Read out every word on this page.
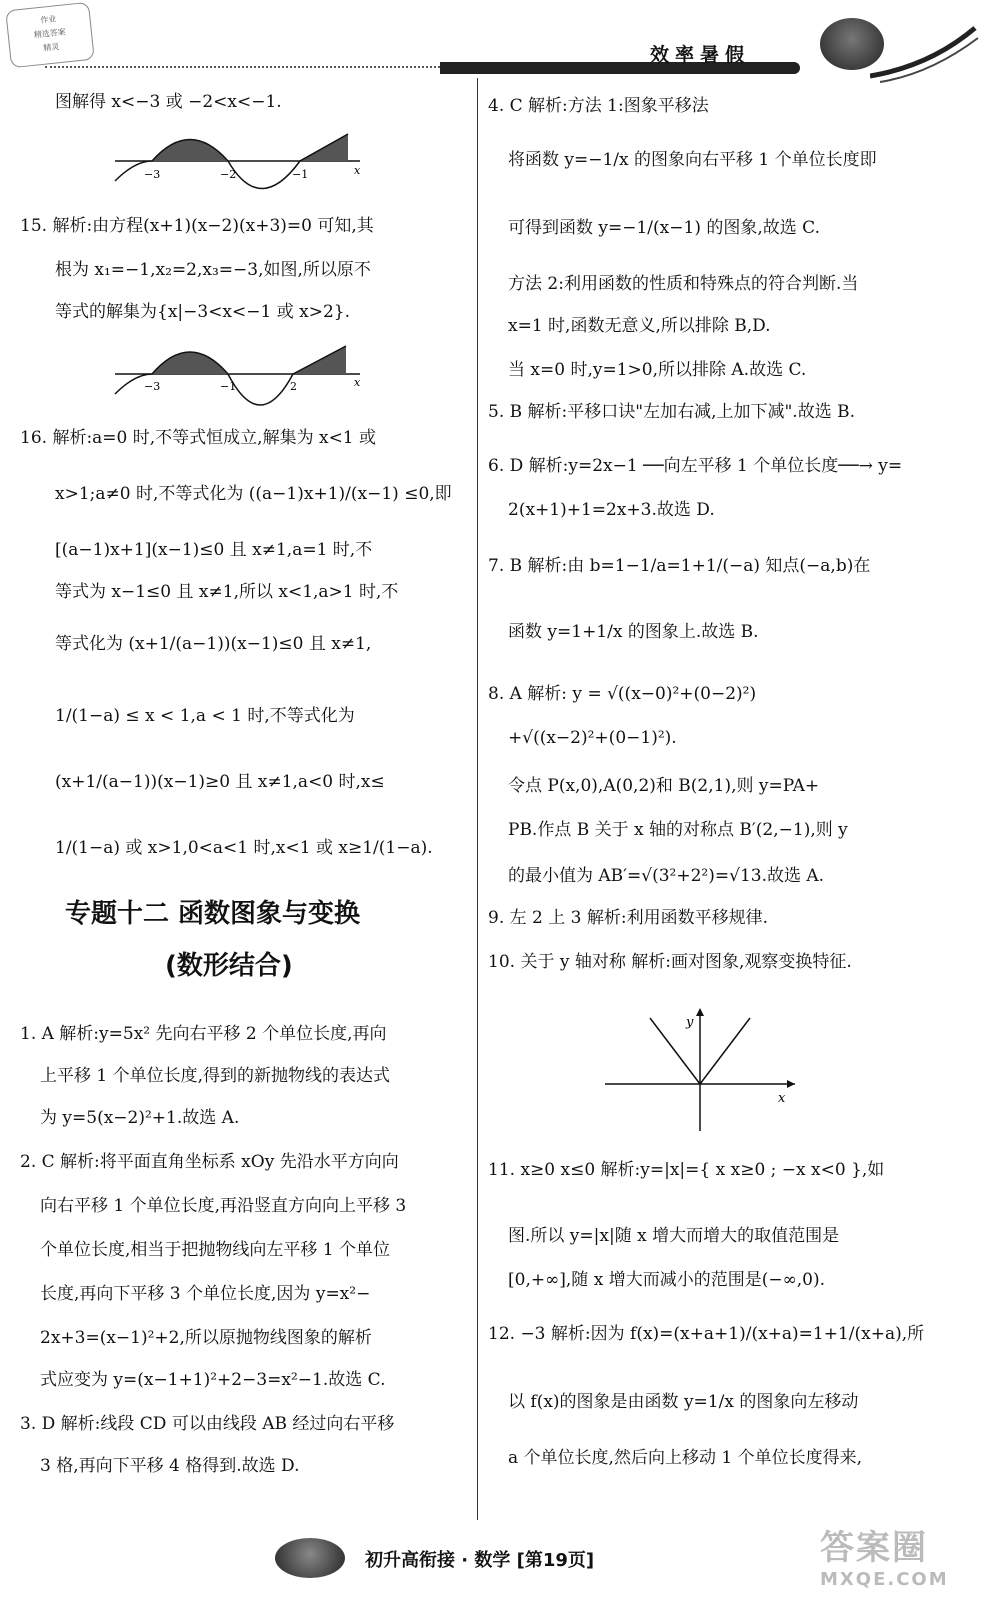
作业
精选答案
精灵	效率暑假
图解得 x<−3 或 −2<x<−1.
−3	−2	−1	x
15. 解析:由方程(x+1)(x−2)(x+3)=0 可知,其
根为 x₁=−1,x₂=2,x₃=−3,如图,所以原不
等式的解集为{x|−3<x<−1 或 x>2}.
−3	−1	2	x
16. 解析:a=0 时,不等式恒成立,解集为 x<1 或
x>1;a≠0 时,不等式化为 ((a−1)x+1)/(x−1) ≤0,即
[(a−1)x+1](x−1)≤0 且 x≠1,a=1 时,不
等式为 x−1≤0 且 x≠1,所以 x<1,a>1 时,不
等式化为 (x+1/(a−1))(x−1)≤0 且 x≠1,
1/(1−a) ≤ x < 1,a < 1 时,不等式化为
(x+1/(a−1))(x−1)≥0 且 x≠1,a<0 时,x≤
1/(1−a) 或 x>1,0<a<1 时,x<1 或 x≥1/(1−a).
专题十二 函数图象与变换
(数形结合)
1. A 解析:y=5x² 先向右平移 2 个单位长度,再向
上平移 1 个单位长度,得到的新抛物线的表达式
为 y=5(x−2)²+1.故选 A.
2. C 解析:将平面直角坐标系 xOy 先沿水平方向向
向右平移 1 个单位长度,再沿竖直方向向上平移 3
个单位长度,相当于把抛物线向左平移 1 个单位
长度,再向下平移 3 个单位长度,因为 y=x²−
2x+3=(x−1)²+2,所以原抛物线图象的解析
式应变为 y=(x−1+1)²+2−3=x²−1.故选 C.
3. D 解析:线段 CD 可以由线段 AB 经过向右平移
3 格,再向下平移 4 格得到.故选 D.
4. C 解析:方法 1:图象平移法
将函数 y=−1/x 的图象向右平移 1 个单位长度即
可得到函数 y=−1/(x−1) 的图象,故选 C.
方法 2:利用函数的性质和特殊点的符合判断.当
x=1 时,函数无意义,所以排除 B,D.
当 x=0 时,y=1>0,所以排除 A.故选 C.
5. B 解析:平移口诀"左加右减,上加下减".故选 B.
6. D 解析:y=2x−1 ──向左平移 1 个单位长度──→ y=
2(x+1)+1=2x+3.故选 D.
7. B 解析:由 b=1−1/a=1+1/(−a) 知点(−a,b)在
函数 y=1+1/x 的图象上.故选 B.
8. A 解析: y = √((x−0)²+(0−2)²)
+√((x−2)²+(0−1)²).
令点 P(x,0),A(0,2)和 B(2,1),则 y=PA+
PB.作点 B 关于 x 轴的对称点 B′(2,−1),则 y
的最小值为 AB′=√(3²+2²)=√13.故选 A.
9. 左 2 上 3 解析:利用函数平移规律.
10. 关于 y 轴对称 解析:画对图象,观察变换特征.
y
x
11. x≥0 x≤0 解析:y=|x|={ x x≥0 ; −x x<0 },如
图.所以 y=|x|随 x 增大而增大的取值范围是
[0,+∞],随 x 增大而减小的范围是(−∞,0).
12. −3 解析:因为 f(x)=(x+a+1)/(x+a)=1+1/(x+a),所
以 f(x)的图象是由函数 y=1/x 的图象向左移动
a 个单位长度,然后向上移动 1 个单位长度得来,
初升高衔接 · 数学 [第19页]	答案圈
MXQE.COM
